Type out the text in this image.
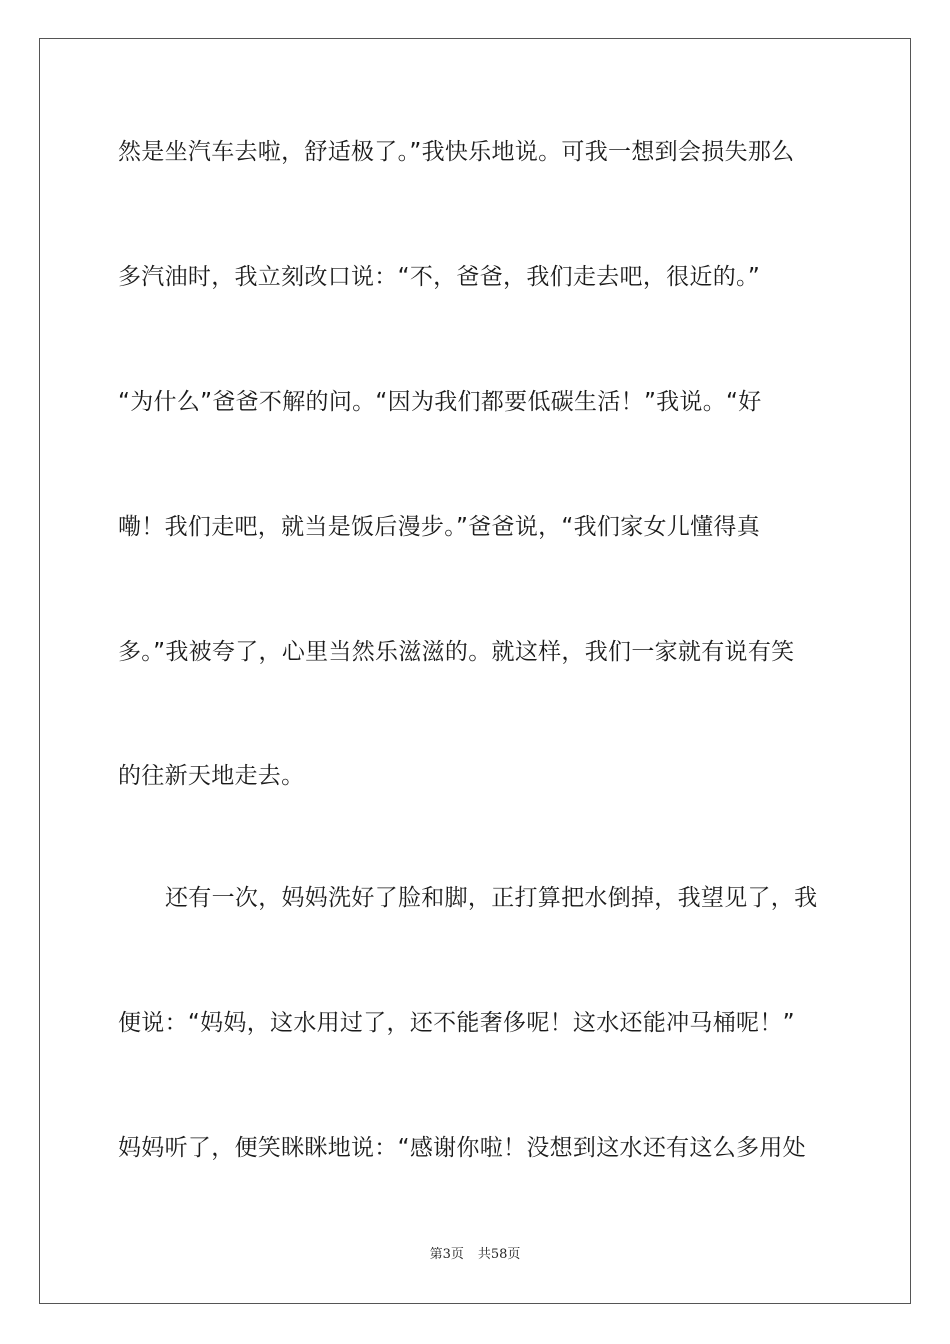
然是坐汽车去啦，舒适极了。”我快乐地说。可我一想到会损失那么
多汽油时，我立刻改口说：“不，爸爸，我们走去吧，很近的。”
“为什么”爸爸不解的问。“因为我们都要低碳生活！”我说。“好
嘞！我们走吧，就当是饭后漫步。”爸爸说，“我们家女儿懂得真
多。”我被夸了，心里当然乐滋滋的。就这样，我们一家就有说有笑
的往新天地走去。
还有一次，妈妈洗好了脸和脚，正打算把水倒掉，我望见了，我
便说：“妈妈，这水用过了，还不能奢侈呢！这水还能冲马桶呢！”
妈妈听了，便笑眯眯地说：“感谢你啦！没想到这水还有这么多用处
第3页 共58页
